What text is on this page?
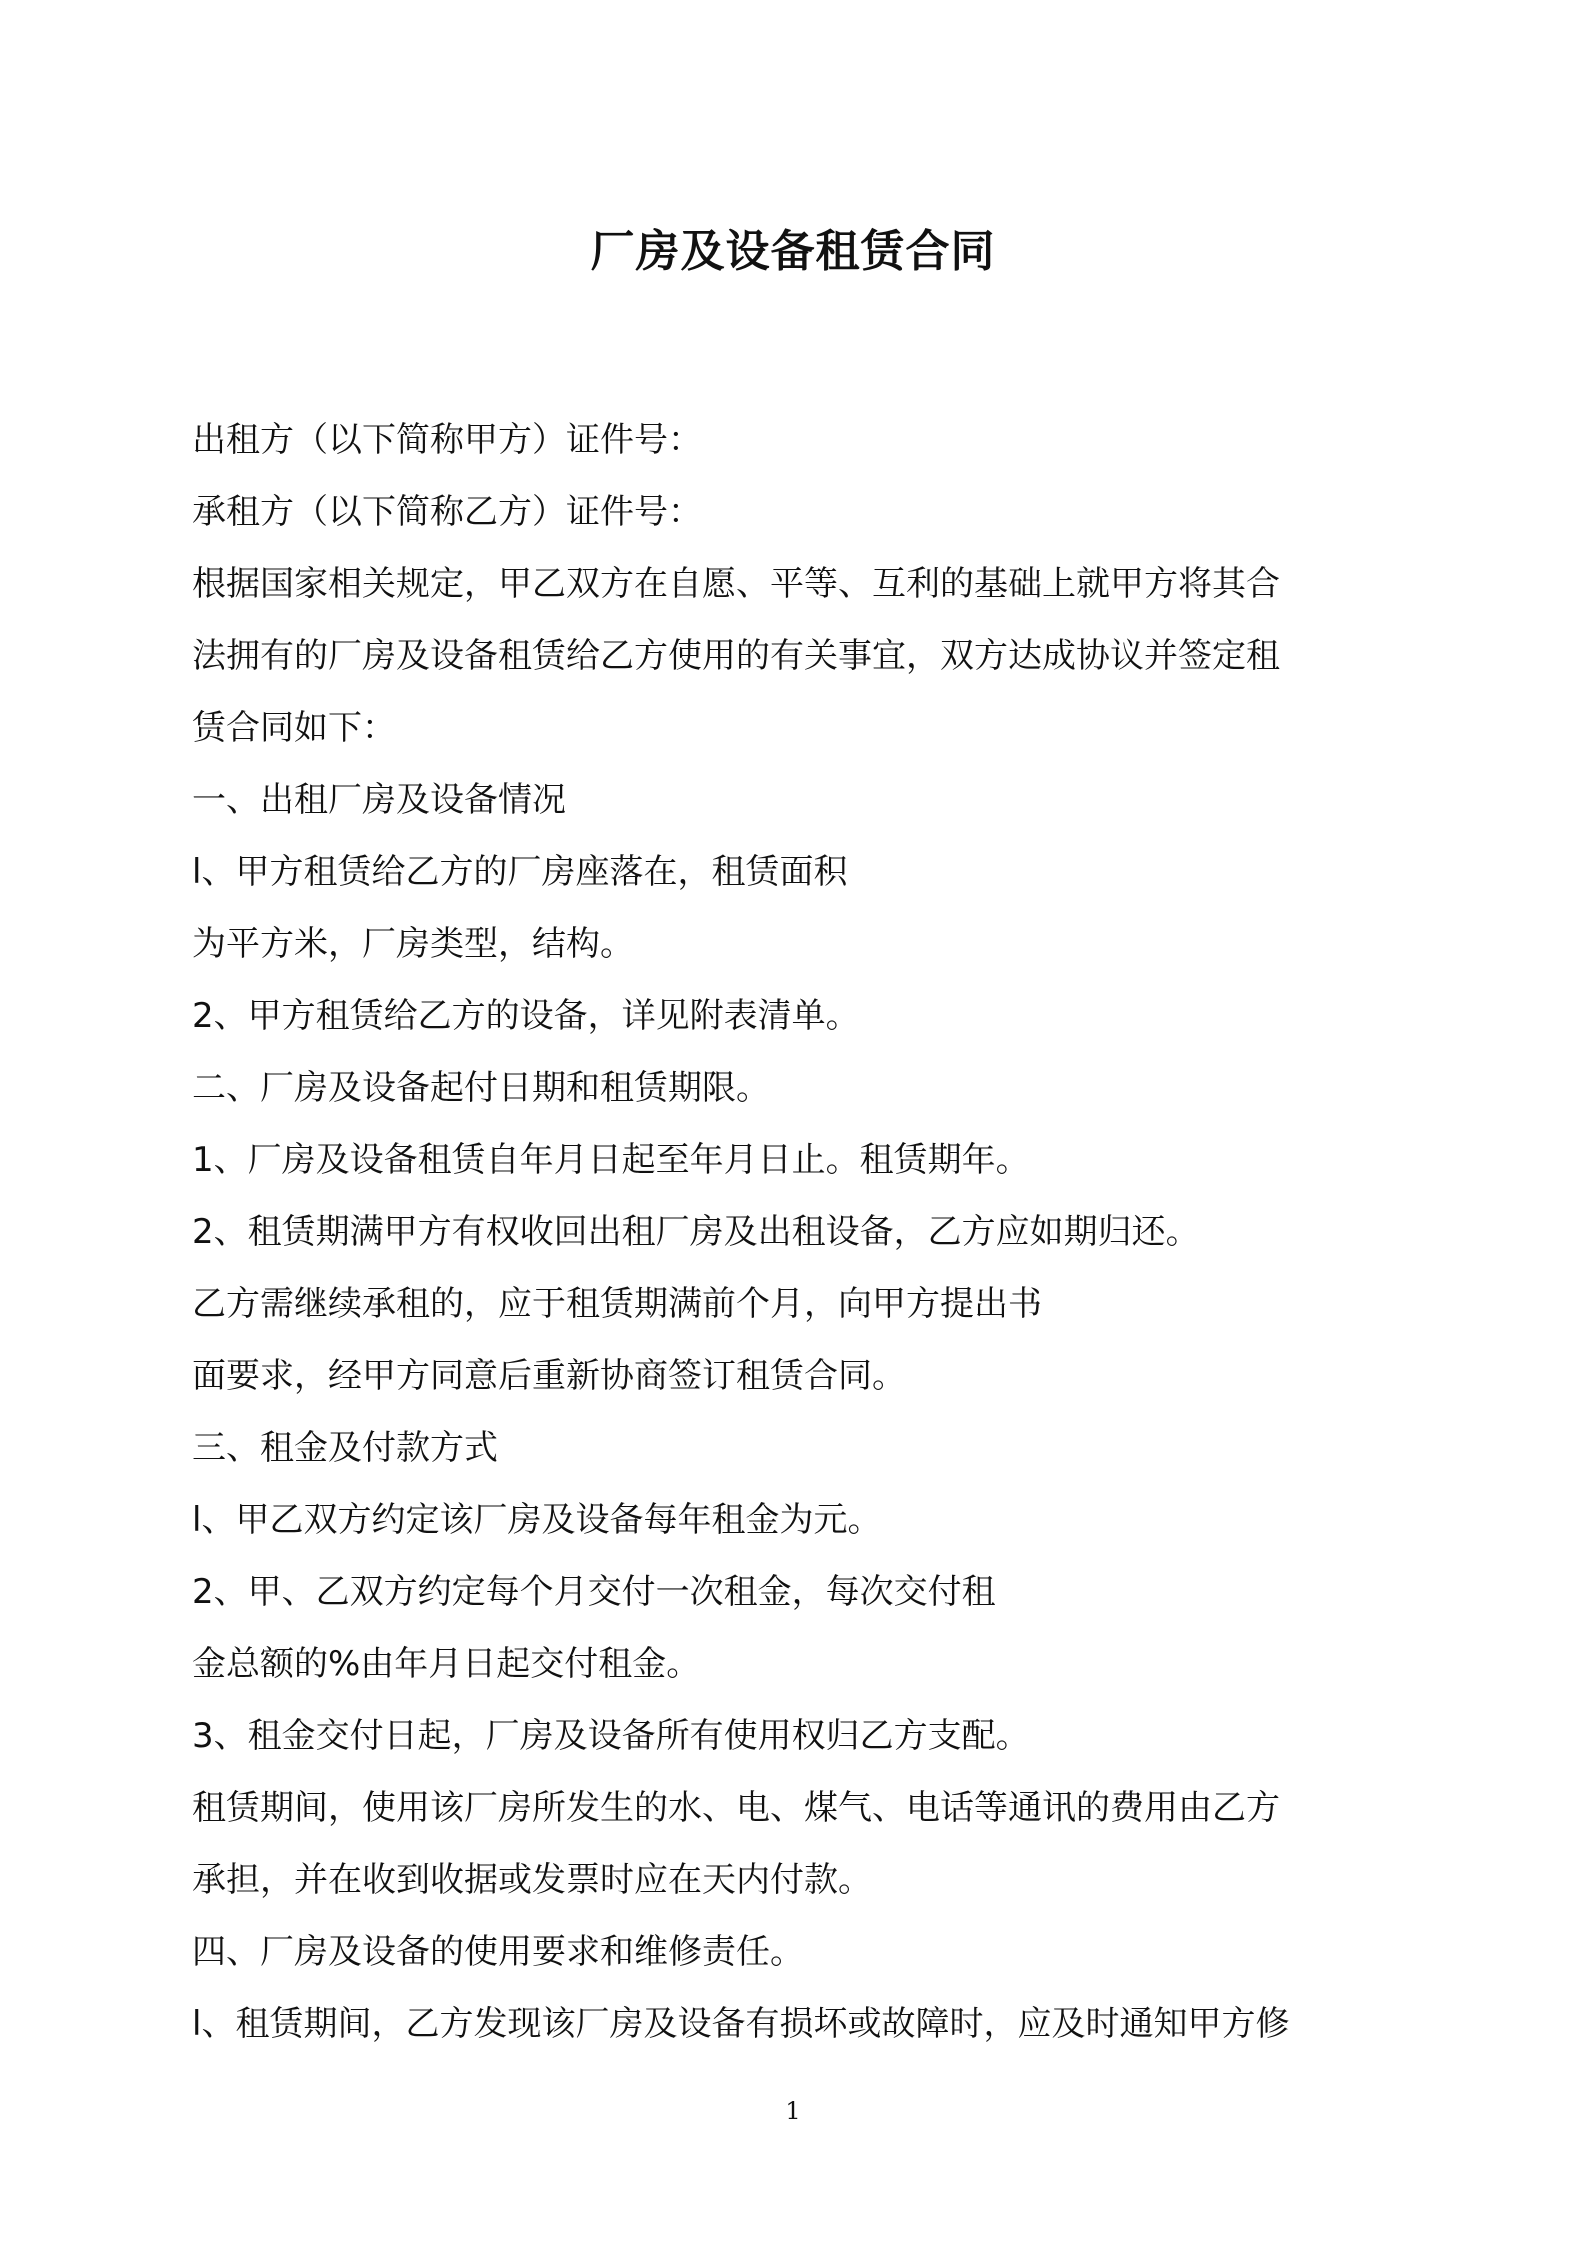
厂房及设备租赁合同
出租方（以下简称甲方）证件号：
承租方（以下简称乙方）证件号：
根据国家相关规定，甲乙双方在自愿、平等、互利的基础上就甲方将其合
法拥有的厂房及设备租赁给乙方使用的有关事宜，双方达成协议并签定租
赁合同如下：
一、出租厂房及设备情况
l、甲方租赁给乙方的厂房座落在，租赁面积
为平方米，厂房类型，结构。
2、甲方租赁给乙方的设备，详见附表清单。
二、厂房及设备起付日期和租赁期限。
1、厂房及设备租赁自年月日起至年月日止。租赁期年。
2、租赁期满甲方有权收回出租厂房及出租设备，乙方应如期归还。
乙方需继续承租的，应于租赁期满前个月，向甲方提出书
面要求，经甲方同意后重新协商签订租赁合同。
三、租金及付款方式
l、甲乙双方约定该厂房及设备每年租金为元。
2、甲、乙双方约定每个月交付一次租金，每次交付租
金总额的%由年月日起交付租金。
3、租金交付日起，厂房及设备所有使用权归乙方支配。
租赁期间，使用该厂房所发生的水、电、煤气、电话等通讯的费用由乙方
承担，并在收到收据或发票时应在天内付款。
四、厂房及设备的使用要求和维修责任。
l、租赁期间，乙方发现该厂房及设备有损坏或故障时，应及时通知甲方修
1
